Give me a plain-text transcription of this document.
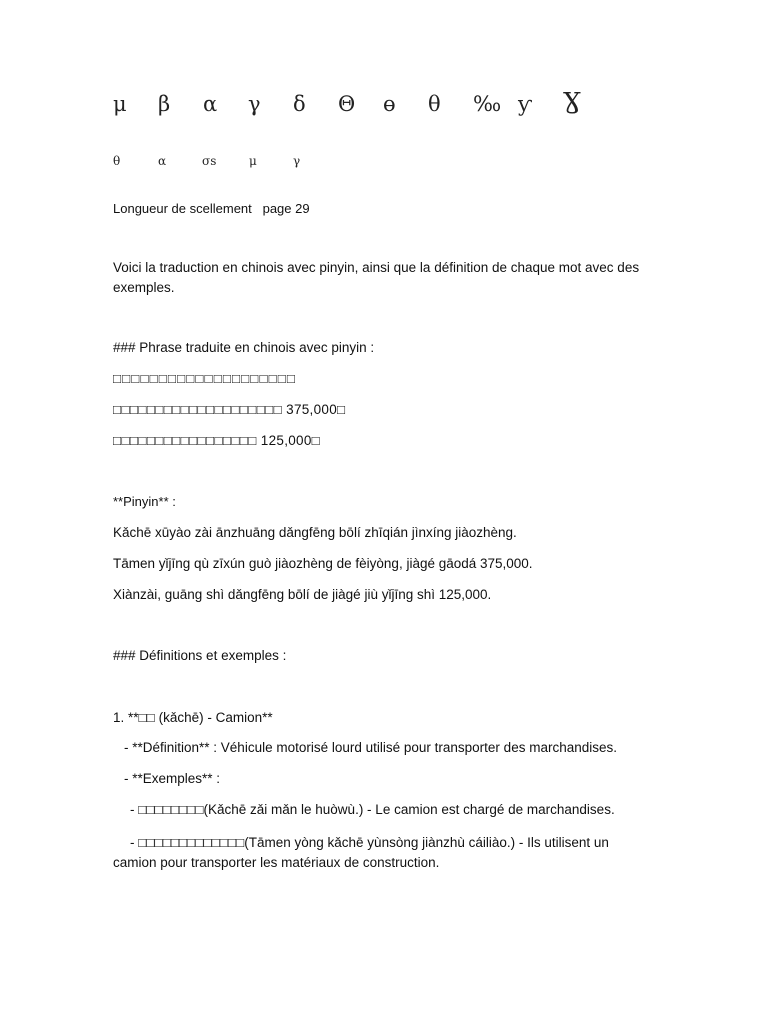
μ β α γ δ Θ ɵ θ ‰ ƴ Ɣ
θ	α	σs	μ	γ
Longueur de scellement   page 29
Voici la traduction en chinois avec pinyin, ainsi que la définition de chaque mot avec des exemples.
### Phrase traduite en chinois avec pinyin :
□□□□□□□□□□□□□□□□□□□□
□□□□□□□□□□□□□□□□□□□□ 375,000□
□□□□□□□□□□□□□□□□□ 125,000□
**Pinyin** :
Kǎchē xūyào zài ānzhuāng dǎngfēng bōlí zhīqián jìnxíng jiàozhèng.
Tāmen yǐjīng qù zīxún guò jiàozhèng de fèiyòng, jiàgé gāodá 375,000.
Xiànzài, guāng shì dǎngfēng bōlí de jiàgé jiù yǐjīng shì 125,000.
### Définitions et exemples :
1. **□□ (kǎchē) - Camion**
- **Définition** : Véhicule motorisé lourd utilisé pour transporter des marchandises.
- **Exemples** :
- □□□□□□□□(Kǎchē zǎi mǎn le huòwù.) - Le camion est chargé de marchandises.
- □□□□□□□□□□□□□(Tāmen yòng kǎchē yùnsòng jiànzhù cáiliào.) - Ils utilisent un camion pour transporter les matériaux de construction.
